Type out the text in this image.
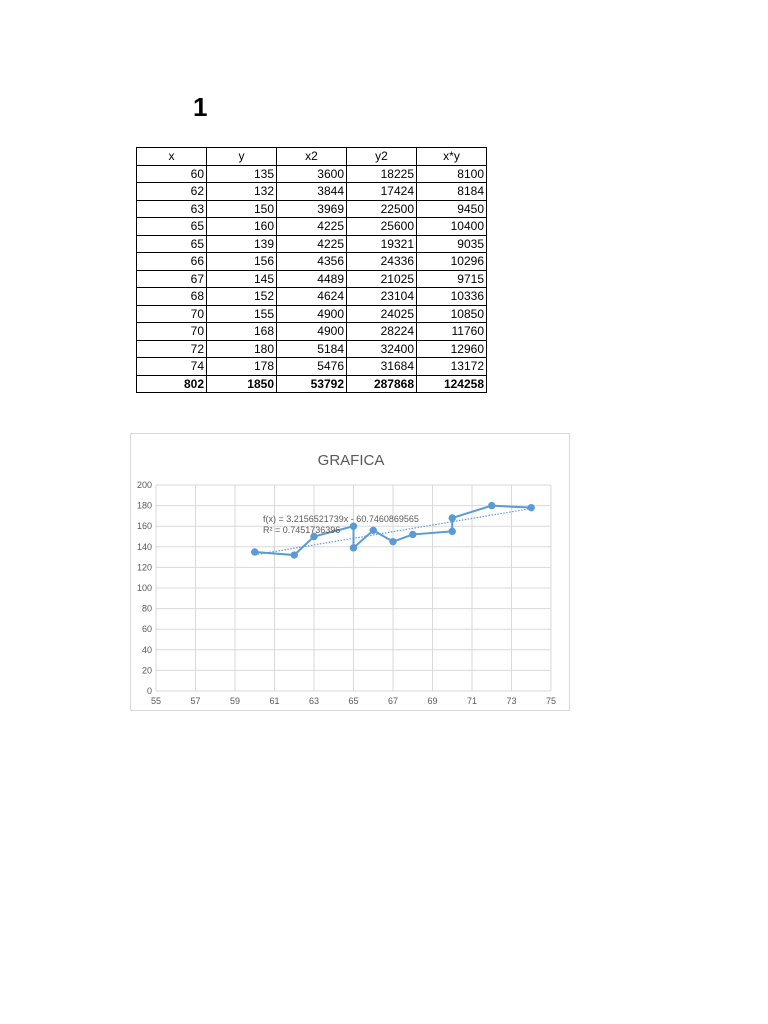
1
x	y	x2	y2	x*y
60	135	3600	18225	8100
62	132	3844	17424	8184
63	150	3969	22500	9450
65	160	4225	25600	10400
65	139	4225	19321	9035
66	156	4356	24336	10296
67	145	4489	21025	9715
68	152	4624	23104	10336
70	155	4900	24025	10850
70	168	4900	28224	11760
72	180	5184	32400	12960
74	178	5476	31684	13172
802	1850	53792	287868	124258
GRAFICA
0
20
40
60
80
100
120
140
160
180
200
55	57	59	61	63	65	67	69	71	73	75
f(x) = 3.2156521739x - 60.7460869565
R² = 0.7451736396
